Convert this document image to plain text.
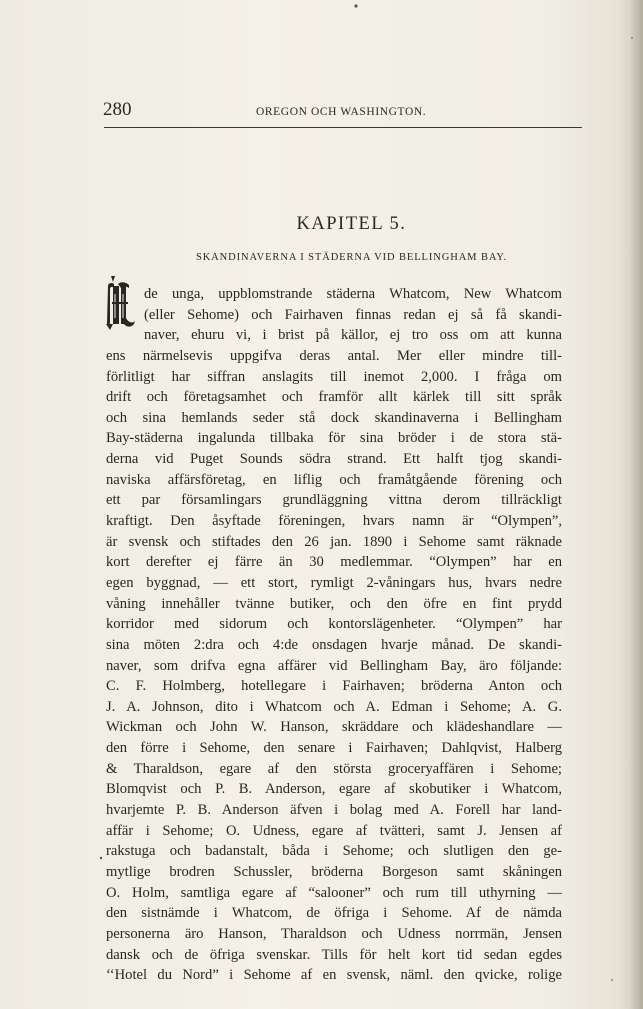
280	OREGON OCH WASHINGTON.
KAPITEL 5.
SKANDINAVERNA I STÄDERNA VID BELLINGHAM BAY.
de unga, uppblomstrande städerna Whatcom, New Whatcom
(eller Sehome) och Fairhaven finnas redan ej så få skandi-
naver, ehuru vi, i brist på källor, ej tro oss om att kunna
ens närmelsevis uppgifva deras antal. Mer eller mindre till-
förlitligt har siffran anslagits till inemot 2,000. I fråga om
drift och företagsamhet och framför allt kärlek till sitt språk
och sina hemlands seder stå dock skandinaverna i Bellingham
Bay-städerna ingalunda tillbaka för sina bröder i de stora stä-
derna vid Puget Sounds södra strand. Ett halft tjog skandi-
naviska affärsföretag, en liflig och framåtgående förening och
ett par församlingars grundläggning vittna derom tillräckligt
kraftigt. Den åsyftade föreningen, hvars namn är “Olympen”,
är svensk och stiftades den 26 jan. 1890 i Sehome samt räknade
kort derefter ej färre än 30 medlemmar. “Olympen” har en
egen byggnad, — ett stort, rymligt 2-våningars hus, hvars nedre
våning innehåller tvänne butiker, och den öfre en fint prydd
korridor med sidorum och kontorslägenheter. “Olympen” har
sina möten 2:dra och 4:de onsdagen hvarje månad. De skandi-
naver, som drifva egna affärer vid Bellingham Bay, äro följande:
C. F. Holmberg, hotellegare i Fairhaven; bröderna Anton och
J. A. Johnson, dito i Whatcom och A. Edman i Sehome; A. G.
Wickman och John W. Hanson, skräddare och klädeshandlare —
den förre i Sehome, den senare i Fairhaven; Dahlqvist, Halberg
& Tharaldson, egare af den största groceryaffären i Sehome;
Blomqvist och P. B. Anderson, egare af skobutiker i Whatcom,
hvarjemte P. B. Anderson äfven i bolag med A. Forell har land-
affär i Sehome; O. Udness, egare af tvätteri, samt J. Jensen af
rakstuga och badanstalt, båda i Sehome; och slutligen den ge-
mytlige brodren Schussler, bröderna Borgeson samt skåningen
O. Holm, samtliga egare af “salooner” och rum till uthyrning —
den sistnämde i Whatcom, de öfriga i Sehome. Af de nämda
personerna äro Hanson, Tharaldson och Udness norrmän, Jensen
dansk och de öfriga svenskar. Tills för helt kort tid sedan egdes
‘‘Hotel du Nord” i Sehome af en svensk, näml. den qvicke, rolige
